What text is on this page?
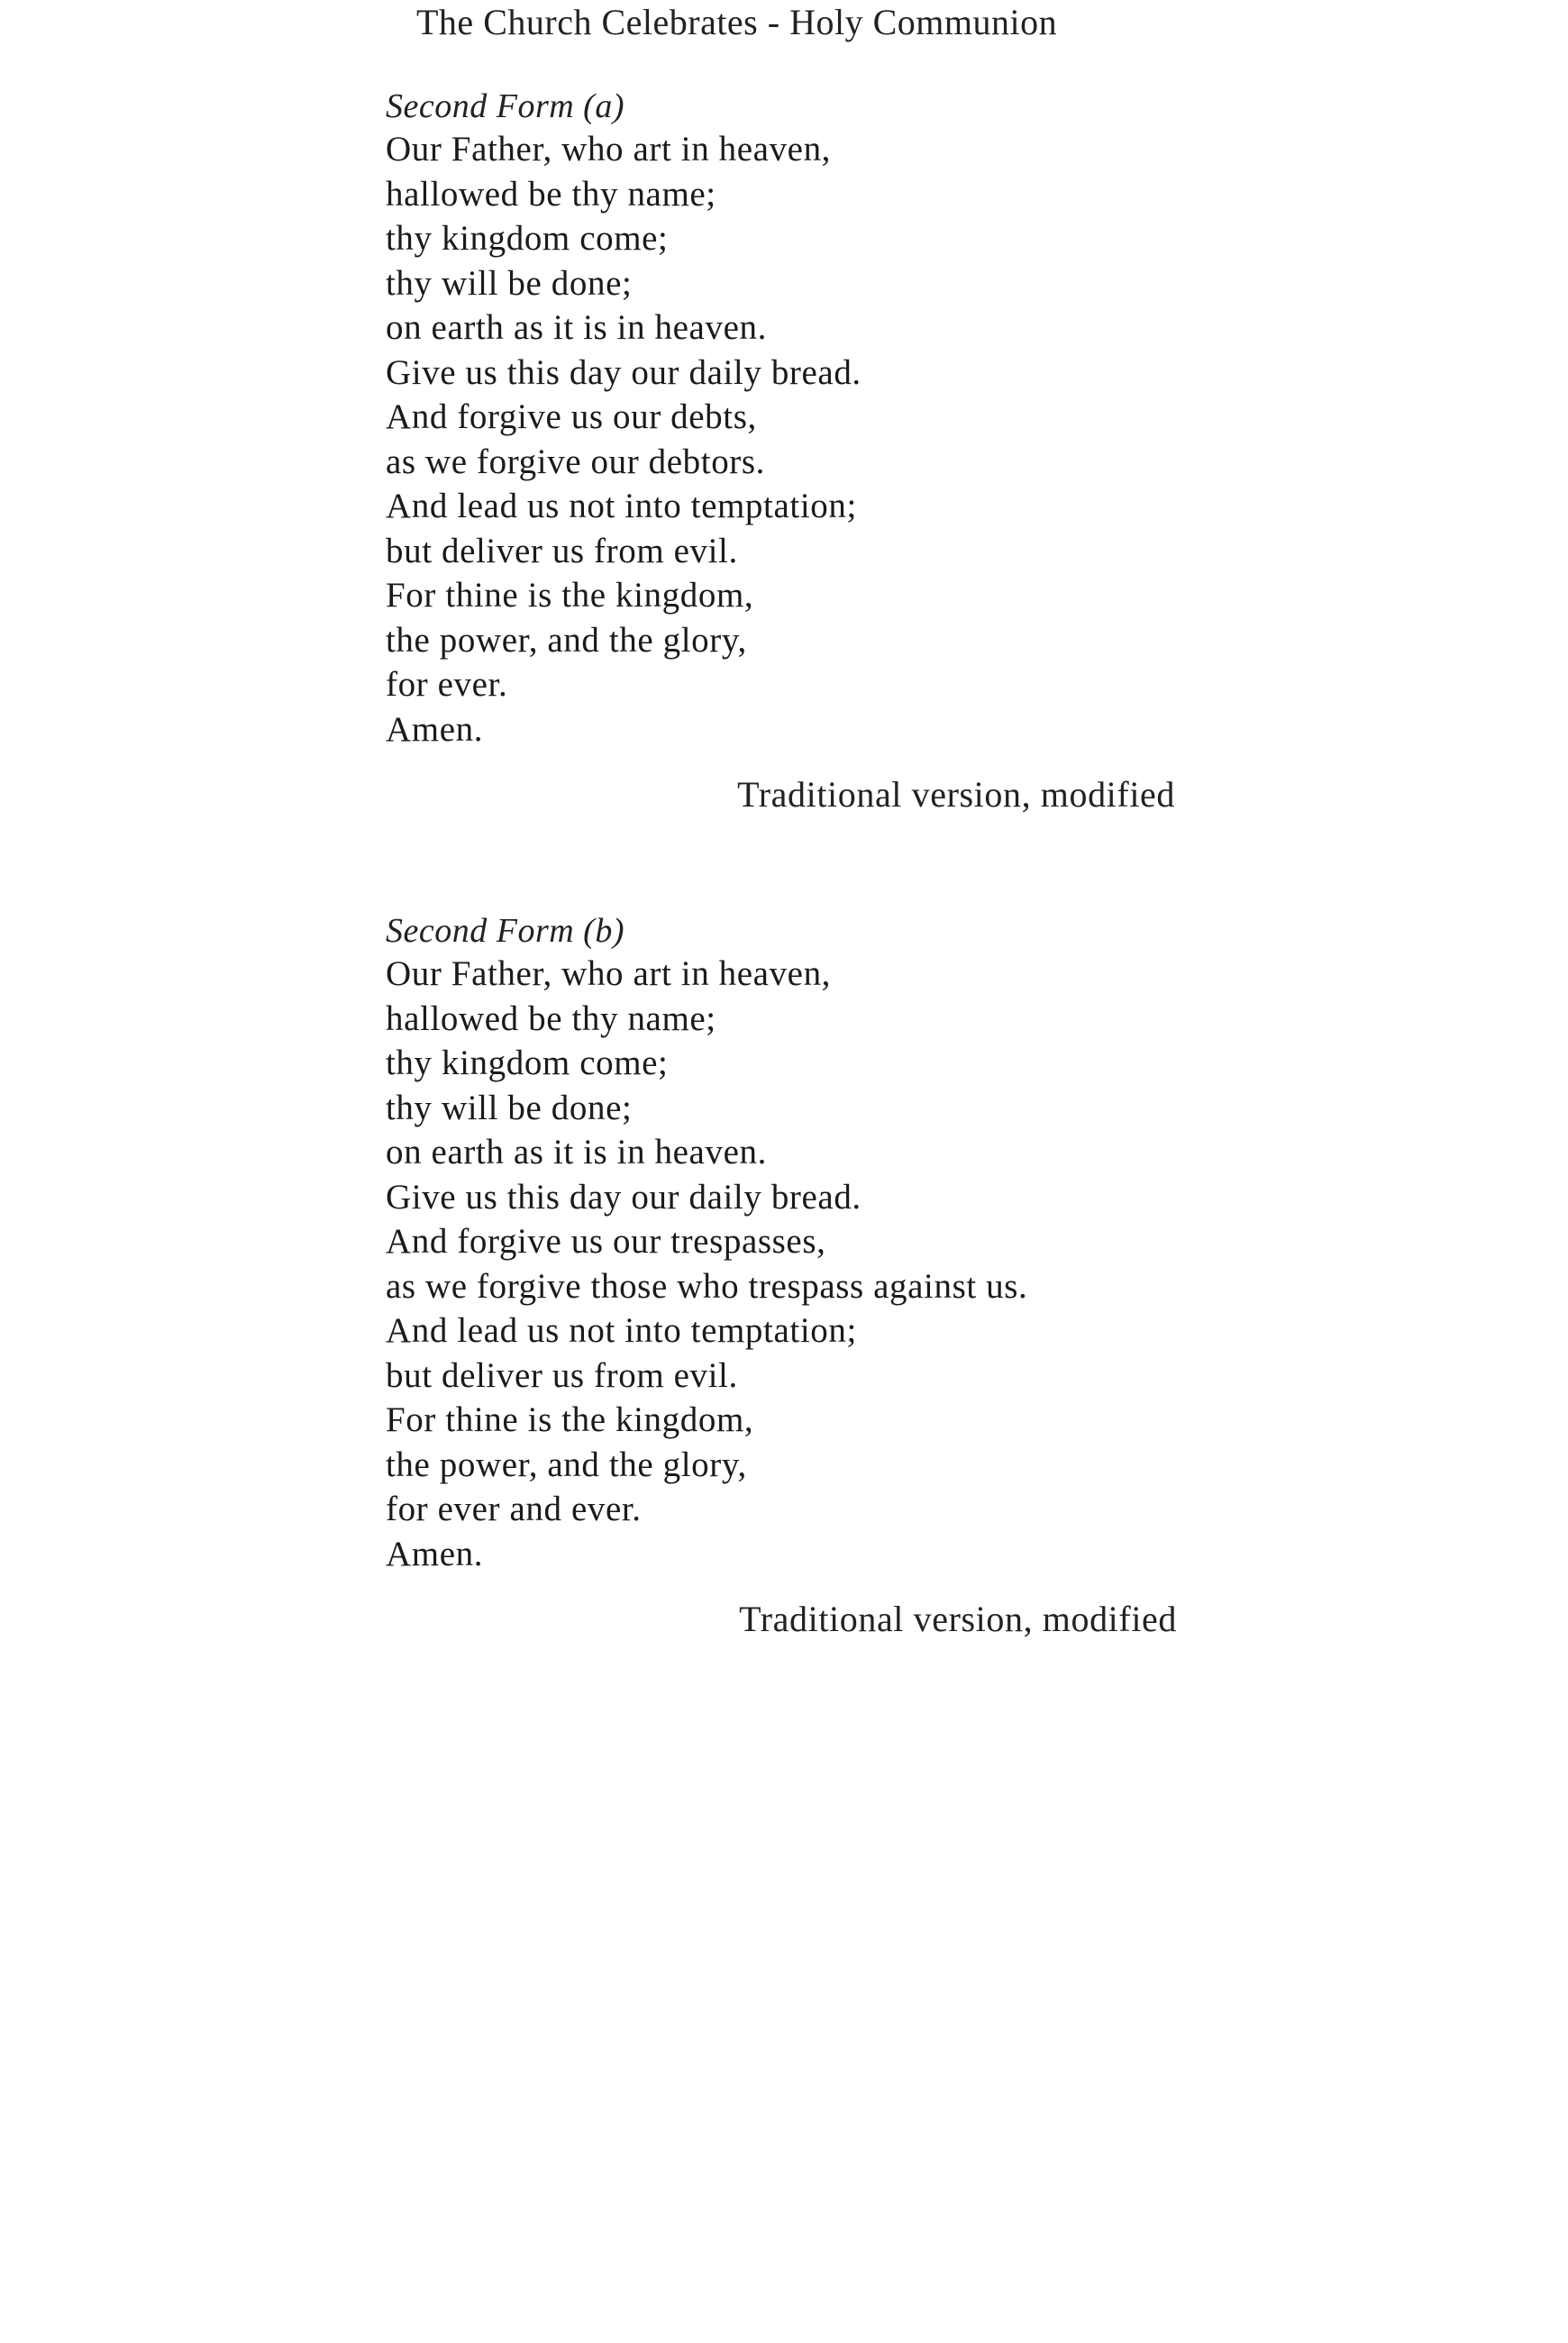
The Church Celebrates - Holy Communion
Second Form (a)
Our Father, who art in heaven,
hallowed be thy name;
thy kingdom come;
thy will be done;
on earth as it is in heaven.
Give us this day our daily bread.
And forgive us our debts,
as we forgive our debtors.
And lead us not into temptation;
but deliver us from evil.
For thine is the kingdom,
the power, and the glory,
for ever.
Amen.
Traditional version, modified
Second Form (b)
Our Father, who art in heaven,
hallowed be thy name;
thy kingdom come;
thy will be done;
on earth as it is in heaven.
Give us this day our daily bread.
And forgive us our trespasses,
as we forgive those who trespass against us.
And lead us not into temptation;
but deliver us from evil.
For thine is the kingdom,
the power, and the glory,
for ever and ever.
Amen.
Traditional version, modified
